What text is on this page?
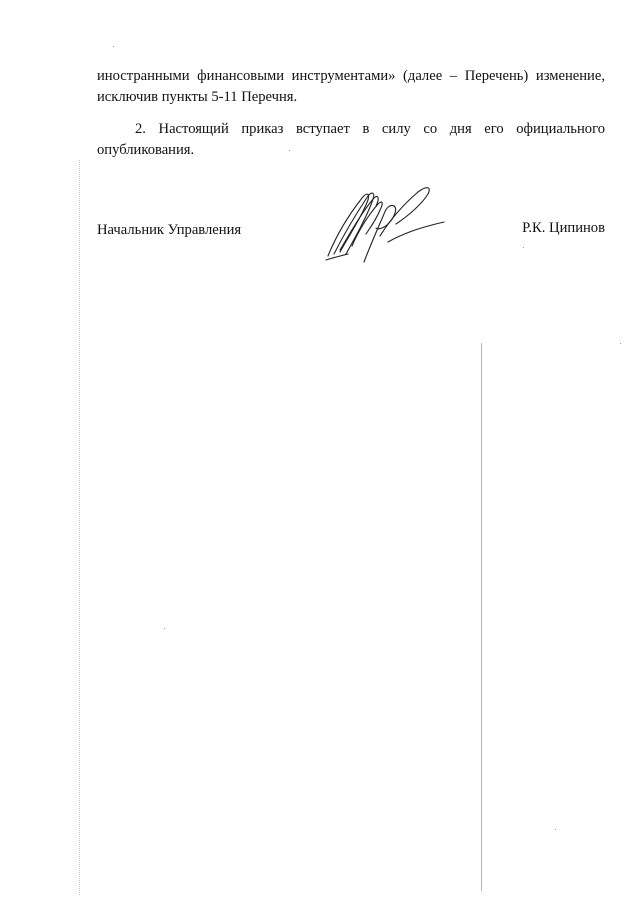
иностранными финансовыми инструментами» (далее – Перечень) изменение,
исключив пункты 5-11 Перечня.
2. Настоящий приказ вступает в силу со дня его официального
опубликования.
Начальник Управления	Р.К. Ципинов
